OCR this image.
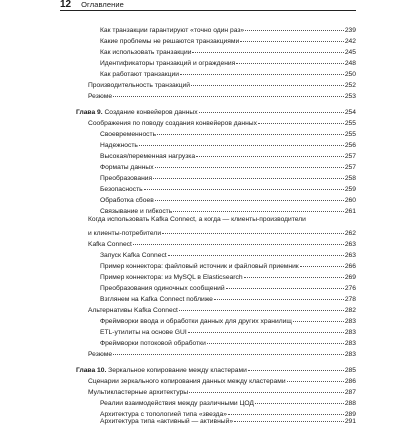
12 Оглавление
Как транзакции гарантируют «точно один раз»	239
Какие проблемы не решаются транзакциями	242
Как использовать транзакции	245
Идентификаторы транзакций и ограждения	248
Как работают транзакции	250
Производительность транзакций	252
Резюме	253
Глава 9. Создание конвейеров данных	254
Соображения по поводу создания конвейеров данных	255
Своевременность	255
Надежность	256
Высокая/переменная нагрузка	257
Форматы данных	257
Преобразования	258
Безопасность	259
Обработка сбоев	260
Связывание и гибкость	261
Когда использовать Kafka Connect, а когда — клиенты-производители
и клиенты-потребители	262
Kafka Connect	263
Запуск Kafka Connect	263
Пример коннектора: файловый источник и файловый приемник	266
Пример коннектора: из MySQL в Elasticsearch	269
Преобразования одиночных сообщений	276
Взглянем на Kafka Connect поближе	278
Альтернативы Kafka Connect	282
Фреймворки ввода и обработки данных для других хранилищ	283
ETL-утилиты на основе GUI	283
Фреймворки потоковой обработки	283
Резюме	283
Глава 10. Зеркальное копирование между кластерами	285
Сценарии зеркального копирования данных между кластерами	286
Мультикластерные архитектуры	287
Реалии взаимодействия между различными ЦОД	288
Архитектура с топологией типа «звезда»	289
Архитектура типа «активный — активный»	291
